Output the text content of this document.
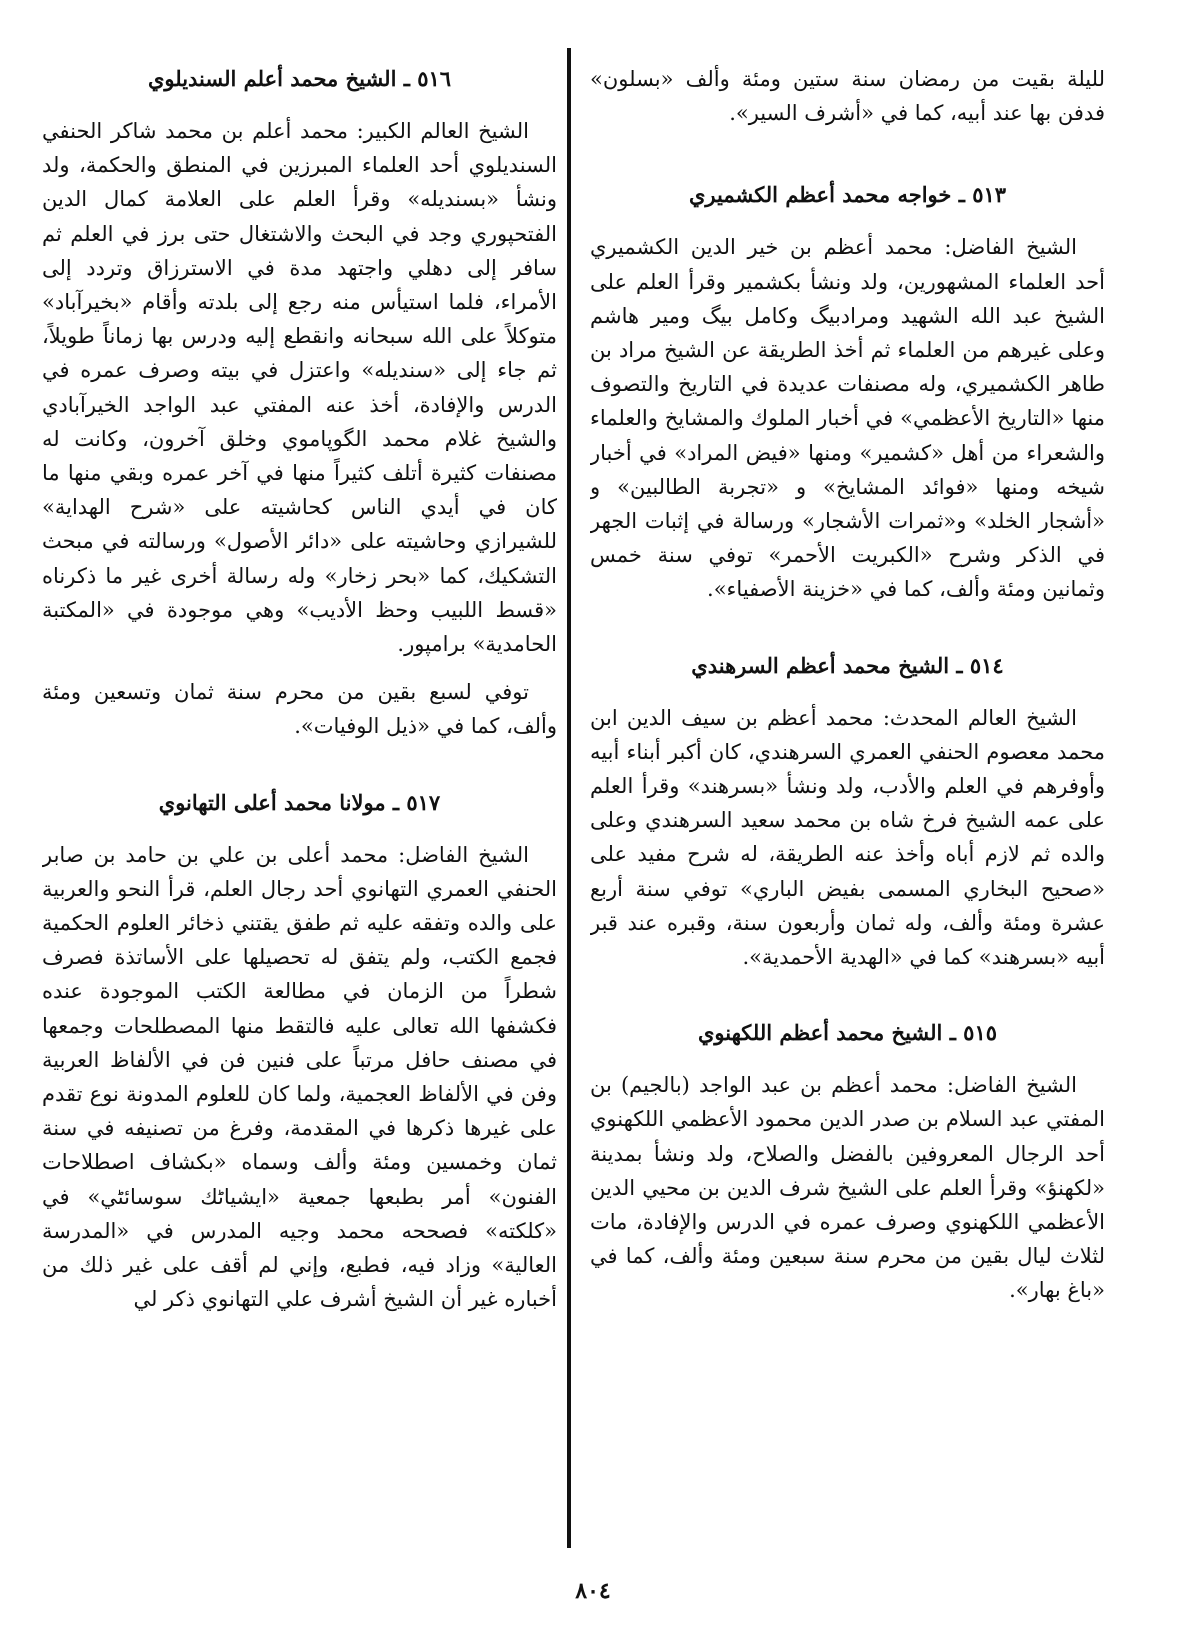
لليلة بقيت من رمضان سنة ستين ومئة وألف «بسلون» فدفن بها عند أبيه، كما في «أشرف السير».

٥١٣ ـ خواجه محمد أعظم الكشميري

الشيخ الفاضل: محمد أعظم بن خير الدين الكشميري أحد العلماء المشهورين، ولد ونشأ بكشمير وقرأ العلم على الشيخ عبد الله الشهيد ومرادبيگ وكامل بيگ ومير هاشم وعلى غيرهم من العلماء ثم أخذ الطريقة عن الشيخ مراد بن طاهر الكشميري، وله مصنفات عديدة في التاريخ والتصوف منها «التاريخ الأعظمي» في أخبار الملوك والمشايخ والعلماء والشعراء من أهل «كشمير» ومنها «فيض المراد» في أخبار شيخه ومنها «فوائد المشايخ» و «تجربة الطالبين» و «أشجار الخلد» و«ثمرات الأشجار» ورسالة في إثبات الجهر في الذكر وشرح «الكبريت الأحمر» توفي سنة خمس وثمانين ومئة وألف، كما في «خزينة الأصفياء».

٥١٤ ـ الشيخ محمد أعظم السرهندي

الشيخ العالم المحدث: محمد أعظم بن سيف الدين ابن محمد معصوم الحنفي العمري السرهندي، كان أكبر أبناء أبيه وأوفرهم في العلم والأدب، ولد ونشأ «بسرهند» وقرأ العلم على عمه الشيخ فرخ شاه بن محمد سعيد السرهندي وعلى والده ثم لازم أباه وأخذ عنه الطريقة، له شرح مفيد على «صحيح البخاري المسمى بفيض الباري» توفي سنة أربع عشرة ومئة وألف، وله ثمان وأربعون سنة، وقبره عند قبر أبيه «بسرهند» كما في «الهدية الأحمدية».

٥١٥ ـ الشيخ محمد أعظم اللكهنوي

الشيخ الفاضل: محمد أعظم بن عبد الواجد (بالجيم) بن المفتي عبد السلام بن صدر الدين محمود الأعظمي اللكهنوي أحد الرجال المعروفين بالفضل والصلاح، ولد ونشأ بمدينة «لكهنؤ» وقرأ العلم على الشيخ شرف الدين بن محيي الدين الأعظمي اللكهنوي وصرف عمره في الدرس والإفادة، مات لثلاث ليال بقين من محرم سنة سبعين ومئة وألف، كما في «باغ بهار».

٥١٦ ـ الشيخ محمد أعلم السنديلوي

الشيخ العالم الكبير: محمد أعلم بن محمد شاكر الحنفي السنديلوي أحد العلماء المبرزين في المنطق والحكمة، ولد ونشأ «بسنديله» وقرأ العلم على العلامة كمال الدين الفتحپوري وجد في البحث والاشتغال حتى برز في العلم ثم سافر إلى دهلي واجتهد مدة في الاسترزاق وتردد إلى الأمراء، فلما استيأس منه رجع إلى بلدته وأقام «بخيرآباد» متوكلاً على الله سبحانه وانقطع إليه ودرس بها زماناً طويلاً، ثم جاء إلى «سنديله» واعتزل في بيته وصرف عمره في الدرس والإفادة، أخذ عنه المفتي عبد الواجد الخيرآبادي والشيخ غلام محمد الگوپاموي وخلق آخرون، وكانت له مصنفات كثيرة أتلف كثيراً منها في آخر عمره وبقي منها ما كان في أيدي الناس كحاشيته على «شرح الهداية» للشيرازي وحاشيته على «دائر الأصول» ورسالته في مبحث التشكيك، كما «بحر زخار» وله رسالة أخرى غير ما ذكرناه «قسط اللبيب وحظ الأديب» وهي موجودة في «المكتبة الحامدية» برامپور.

توفي لسبع بقين من محرم سنة ثمان وتسعين ومئة وألف، كما في «ذيل الوفيات».

٥١٧ ـ مولانا محمد أعلى التهانوي

الشيخ الفاضل: محمد أعلى بن علي بن حامد بن صابر الحنفي العمري التهانوي أحد رجال العلم، قرأ النحو والعربية على والده وتفقه عليه ثم طفق يقتني ذخائر العلوم الحكمية فجمع الكتب، ولم يتفق له تحصيلها على الأساتذة فصرف شطراً من الزمان في مطالعة الكتب الموجودة عنده فكشفها الله تعالى عليه فالتقط منها المصطلحات وجمعها في مصنف حافل مرتباً على فنين فن في الألفاظ العربية وفن في الألفاظ العجمية، ولما كان للعلوم المدونة نوع تقدم على غيرها ذكرها في المقدمة، وفرغ من تصنيفه في سنة ثمان وخمسين ومئة وألف وسماه «بكشاف اصطلاحات الفنون» أمر بطبعها جمعية «ايشياٹك سوسائٹي» في «كلكته» فصححه محمد وجيه المدرس في «المدرسة العالية» وزاد فيه، فطبع، وإني لم أقف على غير ذلك من أخباره غير أن الشيخ أشرف علي التهانوي ذكر لي

٨٠٤
